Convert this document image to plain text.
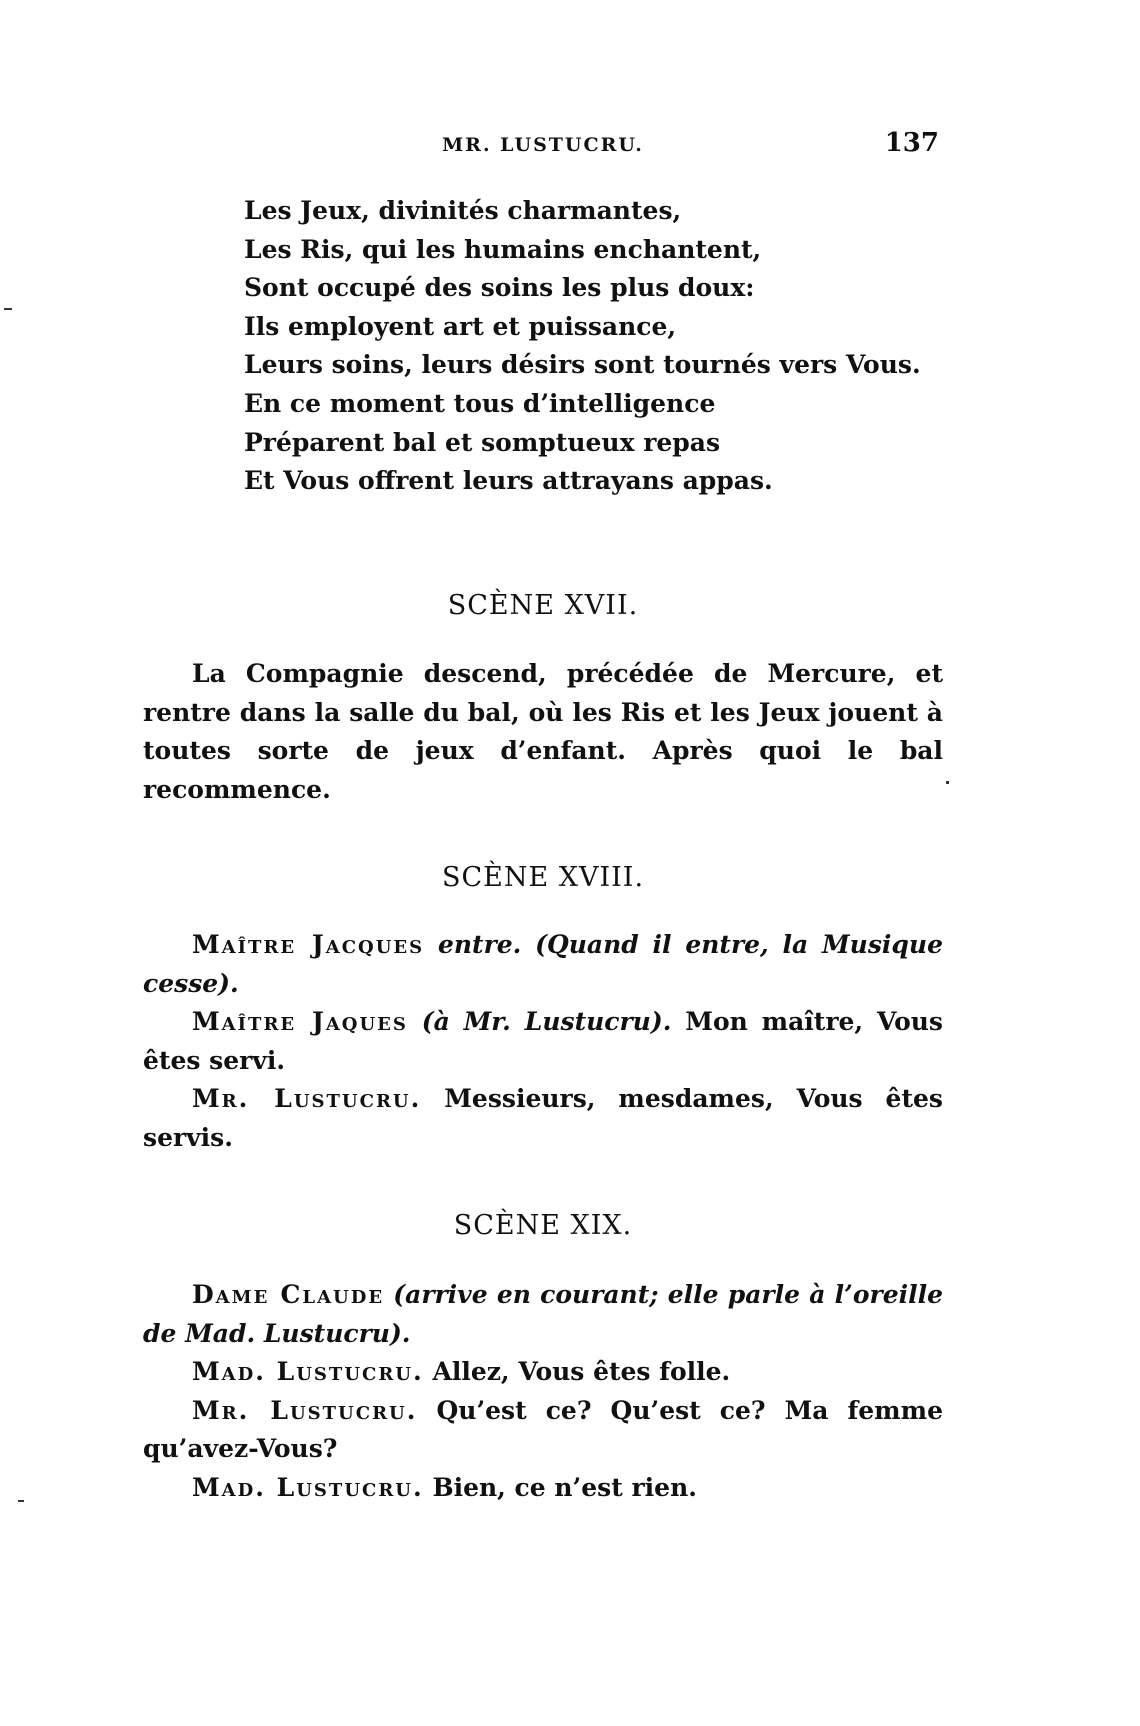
MR. LUSTUCRU.	137
Les Jeux, divinités charmantes,
Les Ris, qui les humains enchantent,
Sont occupé des soins les plus doux:
Ils employent art et puissance,
Leurs soins, leurs désirs sont tournés vers Vous.
En ce moment tous d’intelligence
Préparent bal et somptueux repas
Et Vous offrent leurs attrayans appas.
SCÈNE XVII.
La Compagnie descend, précédée de Mercure, et rentre dans la salle du bal, où les Ris et les Jeux jouent à toutes sorte de jeux d’enfant. Après quoi le bal recommence.
SCÈNE XVIII.

Maître Jacques entre. (Quand il entre, la Musique cesse).

Maître Jaques (à Mr. Lustucru). Mon maître, Vous êtes servi.

Mr. Lustucru. Messieurs, mesdames, Vous êtes servis.

SCÈNE XIX.

Dame Claude (arrive en courant; elle parle à l’oreille de Mad. Lustucru).

Mad. Lustucru. Allez, Vous êtes folle.

Mr. Lustucru. Qu’est ce? Qu’est ce? Ma femme qu’avez-Vous?

Mad. Lustucru. Bien, ce n’est rien.
